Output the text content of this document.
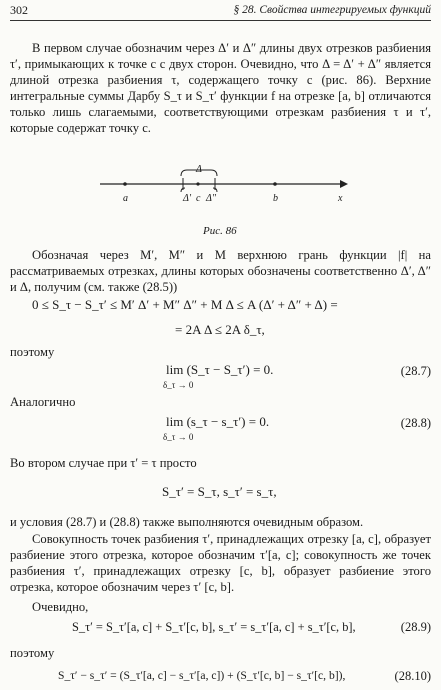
302	§ 28. Свойства интегрируемых функций
В первом случае обозначим через Δ′ и Δ″ длины двух отрезков разбиения τ′, примыкающих к точке c с двух сторон. Очевидно, что Δ = Δ′ + Δ″ является длиной отрезка разбиения τ, содержащего точку c (рис. 86). Верхние интегральные суммы Дарбу S_τ и S_τ′ функции f на отрезке [a, b] отличаются только лишь слагаемыми, соответствующими отрезкам разбиения τ и τ′, которые содержат точку c.
a	c	b	x
Δ
Δ′ Δ″
Рис. 86
Обозначая через M′, M″ и M верхнюю грань функции |f| на рассматриваемых отрезках, длины которых обозначены соответственно Δ′, Δ″ и Δ, получим (см. также (28.5))
0 ≤ S_τ − S_τ′ ≤ M′ Δ′ + M″ Δ″ + M Δ ≤ A (Δ′ + Δ″ + Δ) =
= 2A Δ ≤ 2A δ_τ,
поэтому
lim (S_τ − S_τ′) = 0.
δ_τ → 0
(28.7)
Аналогично
lim (s_τ − s_τ′) = 0.
δ_τ → 0
(28.8)
Во втором случае при τ′ = τ просто
S_τ′ = S_τ, s_τ′ = s_τ,
и условия (28.7) и (28.8) также выполняются очевидным образом.
Совокупность точек разбиения τ′, принадлежащих отрезку [a, c], образует разбиение этого отрезка, которое обозначим τ′[a, c]; совокупность же точек разбиения τ′, принадлежащих отрезку [c, b], образует разбиение этого отрезка, которое обозначим через τ′ [c, b].
Очевидно,
S_τ′ = S_τ′[a, c] + S_τ′[c, b], s_τ′ = s_τ′[a, c] + s_τ′[c, b],	(28.9)
поэтому
S_τ′ − s_τ′ = (S_τ′[a, c] − s_τ′[a, c]) + (S_τ′[c, b] − s_τ′[c, b]),	(28.10)
